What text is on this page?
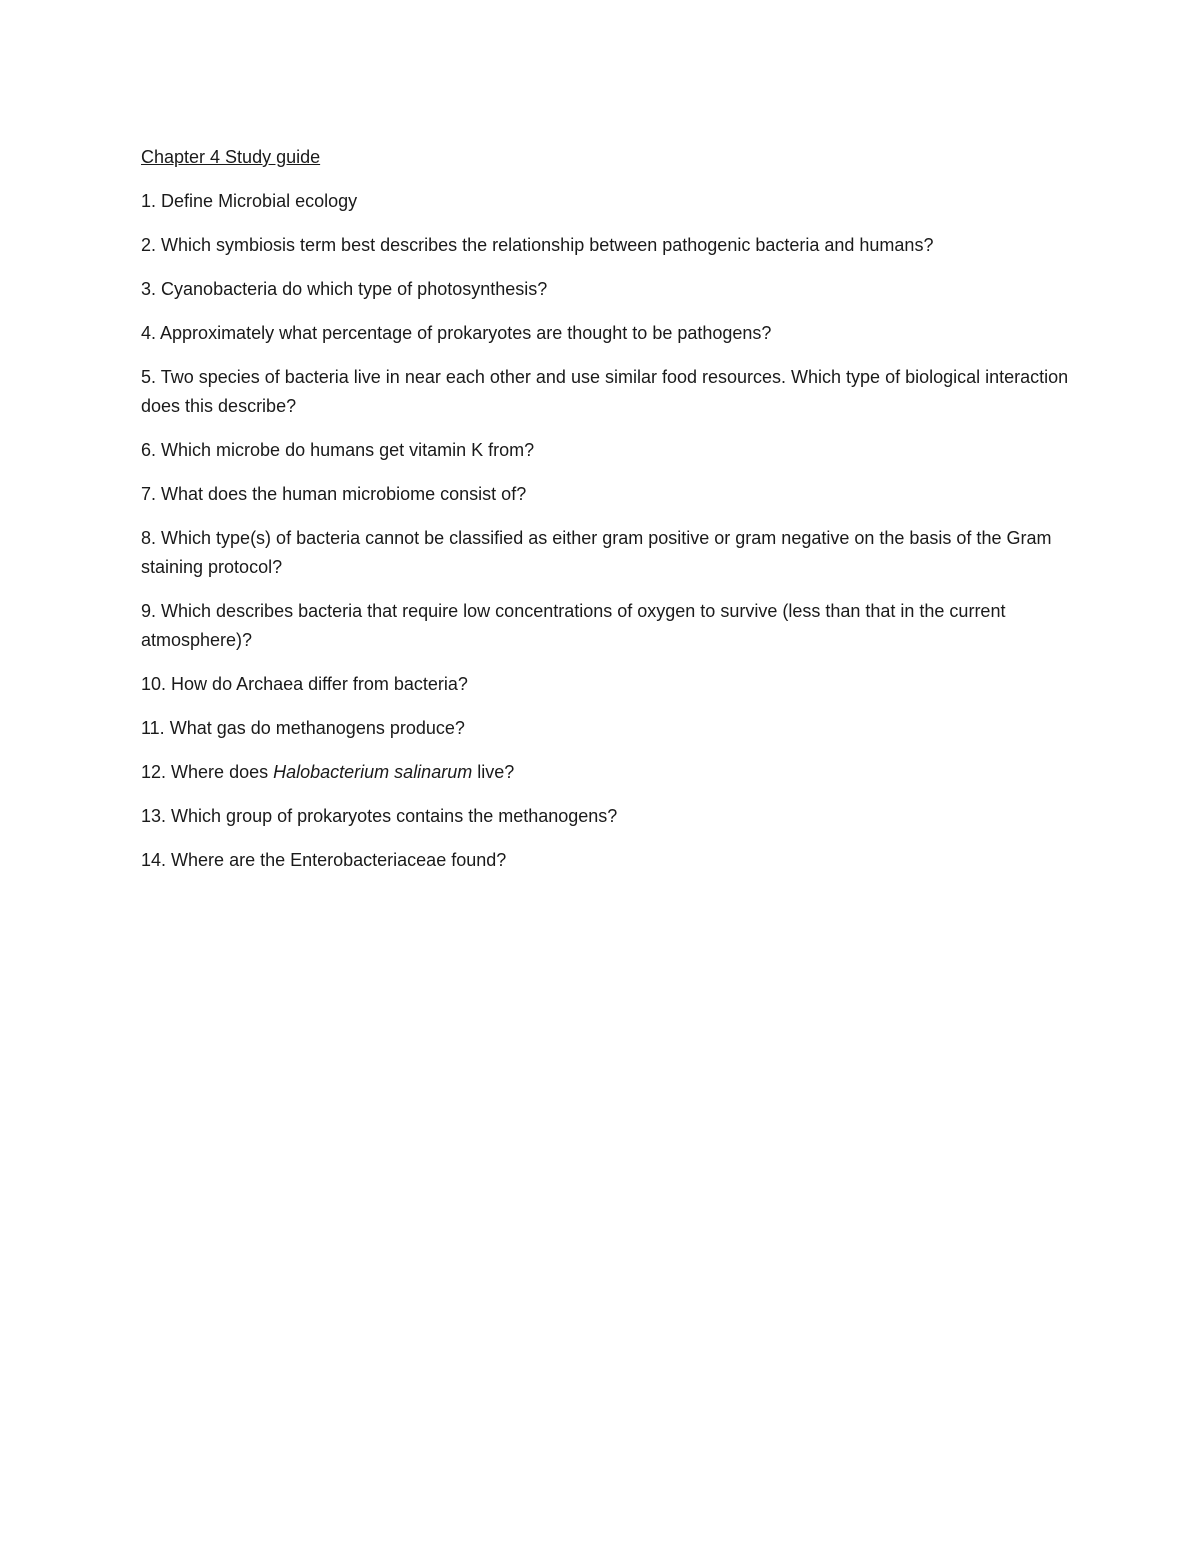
Chapter 4 Study guide

1. Define Microbial ecology
2. Which symbiosis term best describes the relationship between pathogenic bacteria and humans?
3. Cyanobacteria do which type of photosynthesis?
4. Approximately what percentage of prokaryotes are thought to be pathogens?
5. Two species of bacteria live in near each other and use similar food resources. Which type of biological interaction does this describe?
6. Which microbe do humans get vitamin K from?
7. What does the human microbiome consist of?
8. Which type(s) of bacteria cannot be classified as either gram positive or gram negative on the basis of the Gram staining protocol?
9. Which describes bacteria that require low concentrations of oxygen to survive (less than that in the current atmosphere)?
10. How do Archaea differ from bacteria?
11. What gas do methanogens produce?
12. Where does Halobacterium salinarum live?
13. Which group of prokaryotes contains the methanogens?
14. Where are the Enterobacteriaceae found?
